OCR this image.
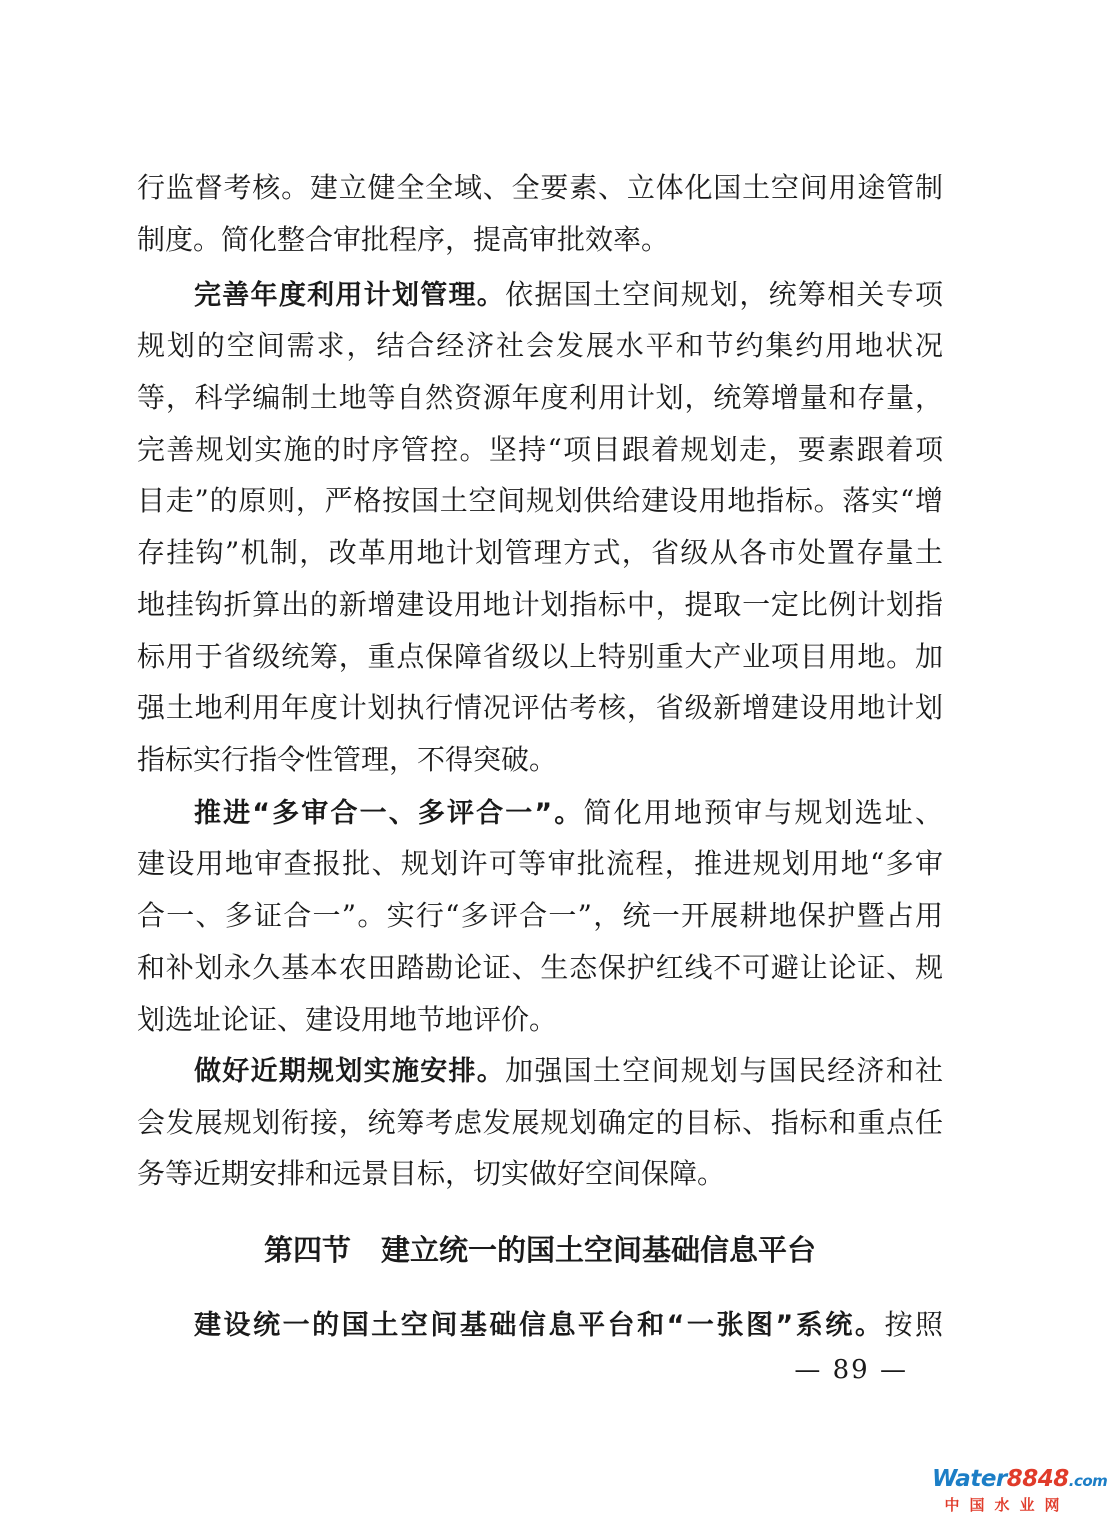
行监督考核。建立健全全域、全要素、立体化国土空间用途管制
制度。简化整合审批程序，提高审批效率。
完善年度利用计划管理。依据国土空间规划，统筹相关专项
规划的空间需求，结合经济社会发展水平和节约集约用地状况
等，科学编制土地等自然资源年度利用计划，统筹增量和存量，
完善规划实施的时序管控。坚持“项目跟着规划走，要素跟着项
目走”的原则，严格按国土空间规划供给建设用地指标。落实“增
存挂钩”机制，改革用地计划管理方式，省级从各市处置存量土
地挂钩折算出的新增建设用地计划指标中，提取一定比例计划指
标用于省级统筹，重点保障省级以上特别重大产业项目用地。加
强土地利用年度计划执行情况评估考核，省级新增建设用地计划
指标实行指令性管理，不得突破。
推进“多审合一、多评合一”。简化用地预审与规划选址、
建设用地审查报批、规划许可等审批流程，推进规划用地“多审
合一、多证合一”。实行“多评合一”，统一开展耕地保护暨占用
和补划永久基本农田踏勘论证、生态保护红线不可避让论证、规
划选址论证、建设用地节地评价。
做好近期规划实施安排。加强国土空间规划与国民经济和社
会发展规划衔接，统筹考虑发展规划确定的目标、指标和重点任
务等近期安排和远景目标，切实做好空间保障。
第四节 建立统一的国土空间基础信息平台
建设统一的国土空间基础信息平台和“一张图”系统。按照
— 89 —
Water8848.com
中国水业网
